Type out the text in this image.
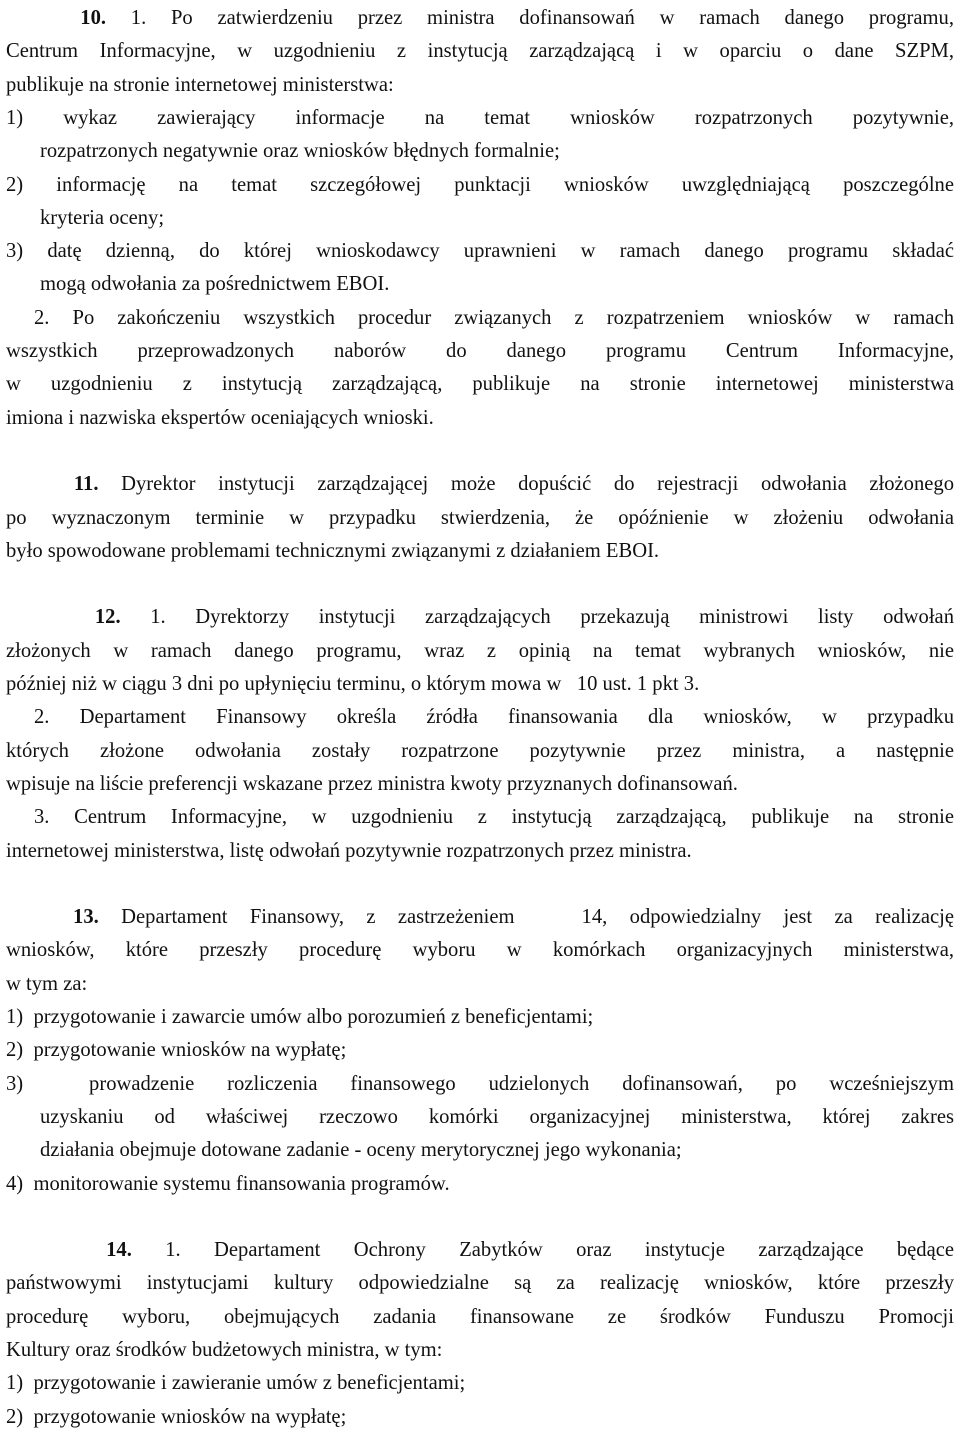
10. 1. Po zatwierdzeniu przez ministra dofinansowań w ramach danego programu,
Centrum Informacyjne, w uzgodnieniu z instytucją zarządzającą i w oparciu o dane SZPM,
publikuje na stronie internetowej ministerstwa:
1) wykaz zawierający informacje na temat wniosków rozpatrzonych pozytywnie,
rozpatrzonych negatywnie oraz wniosków błędnych formalnie;
2) informację na temat szczegółowej punktacji wniosków uwzględniającą poszczególne
kryteria oceny;
3) datę dzienną, do której wnioskodawcy uprawnieni w ramach danego programu składać
mogą odwołania za pośrednictwem EBOI.
2. Po zakończeniu wszystkich procedur związanych z rozpatrzeniem wniosków w ramach
wszystkich przeprowadzonych naborów do danego programu Centrum Informacyjne,
w uzgodnieniu z instytucją zarządzającą, publikuje na stronie internetowej ministerstwa
imiona i nazwiska ekspertów oceniających wnioski.
11. Dyrektor instytucji zarządzającej może dopuścić do rejestracji odwołania złożonego
po wyznaczonym terminie w przypadku stwierdzenia, że opóźnienie w złożeniu odwołania
było spowodowane problemami technicznymi związanymi z działaniem EBOI.
12. 1. Dyrektorzy instytucji zarządzających przekazują ministrowi listy odwołań
złożonych w ramach danego programu, wraz z opinią na temat wybranych wniosków, nie
później niż w ciągu 3 dni po upłynięciu terminu, o którym mowa w   10 ust. 1 pkt 3.
2. Departament Finansowy określa źródła finansowania dla wniosków, w przypadku
których złożone odwołania zostały rozpatrzone pozytywnie przez ministra, a następnie
wpisuje na liście preferencji wskazane przez ministra kwoty przyznanych dofinansowań.
3. Centrum Informacyjne, w uzgodnieniu z instytucją zarządzającą, publikuje na stronie
internetowej ministerstwa, listę odwołań pozytywnie rozpatrzonych przez ministra.
13. Departament Finansowy, z zastrzeżeniem   14, odpowiedzialny jest za realizację
wniosków, które przeszły procedurę wyboru w komórkach organizacyjnych ministerstwa,
w tym za:
1)  przygotowanie i zawarcie umów albo porozumień z beneficjentami;
2)  przygotowanie wniosków na wypłatę;
3)  prowadzenie rozliczenia finansowego udzielonych dofinansowań, po wcześniejszym
uzyskaniu od właściwej rzeczowo komórki organizacyjnej ministerstwa, której zakres
działania obejmuje dotowane zadanie - oceny merytorycznej jego wykonania;
4)  monitorowanie systemu finansowania programów.
14. 1. Departament Ochrony Zabytków oraz instytucje zarządzające będące
państwowymi instytucjami kultury odpowiedzialne są za realizację wniosków, które przeszły
procedurę wyboru, obejmujących zadania finansowane ze środków Funduszu Promocji
Kultury oraz środków budżetowych ministra, w tym:
1)  przygotowanie i zawieranie umów z beneficjentami;
2)  przygotowanie wniosków na wypłatę;
